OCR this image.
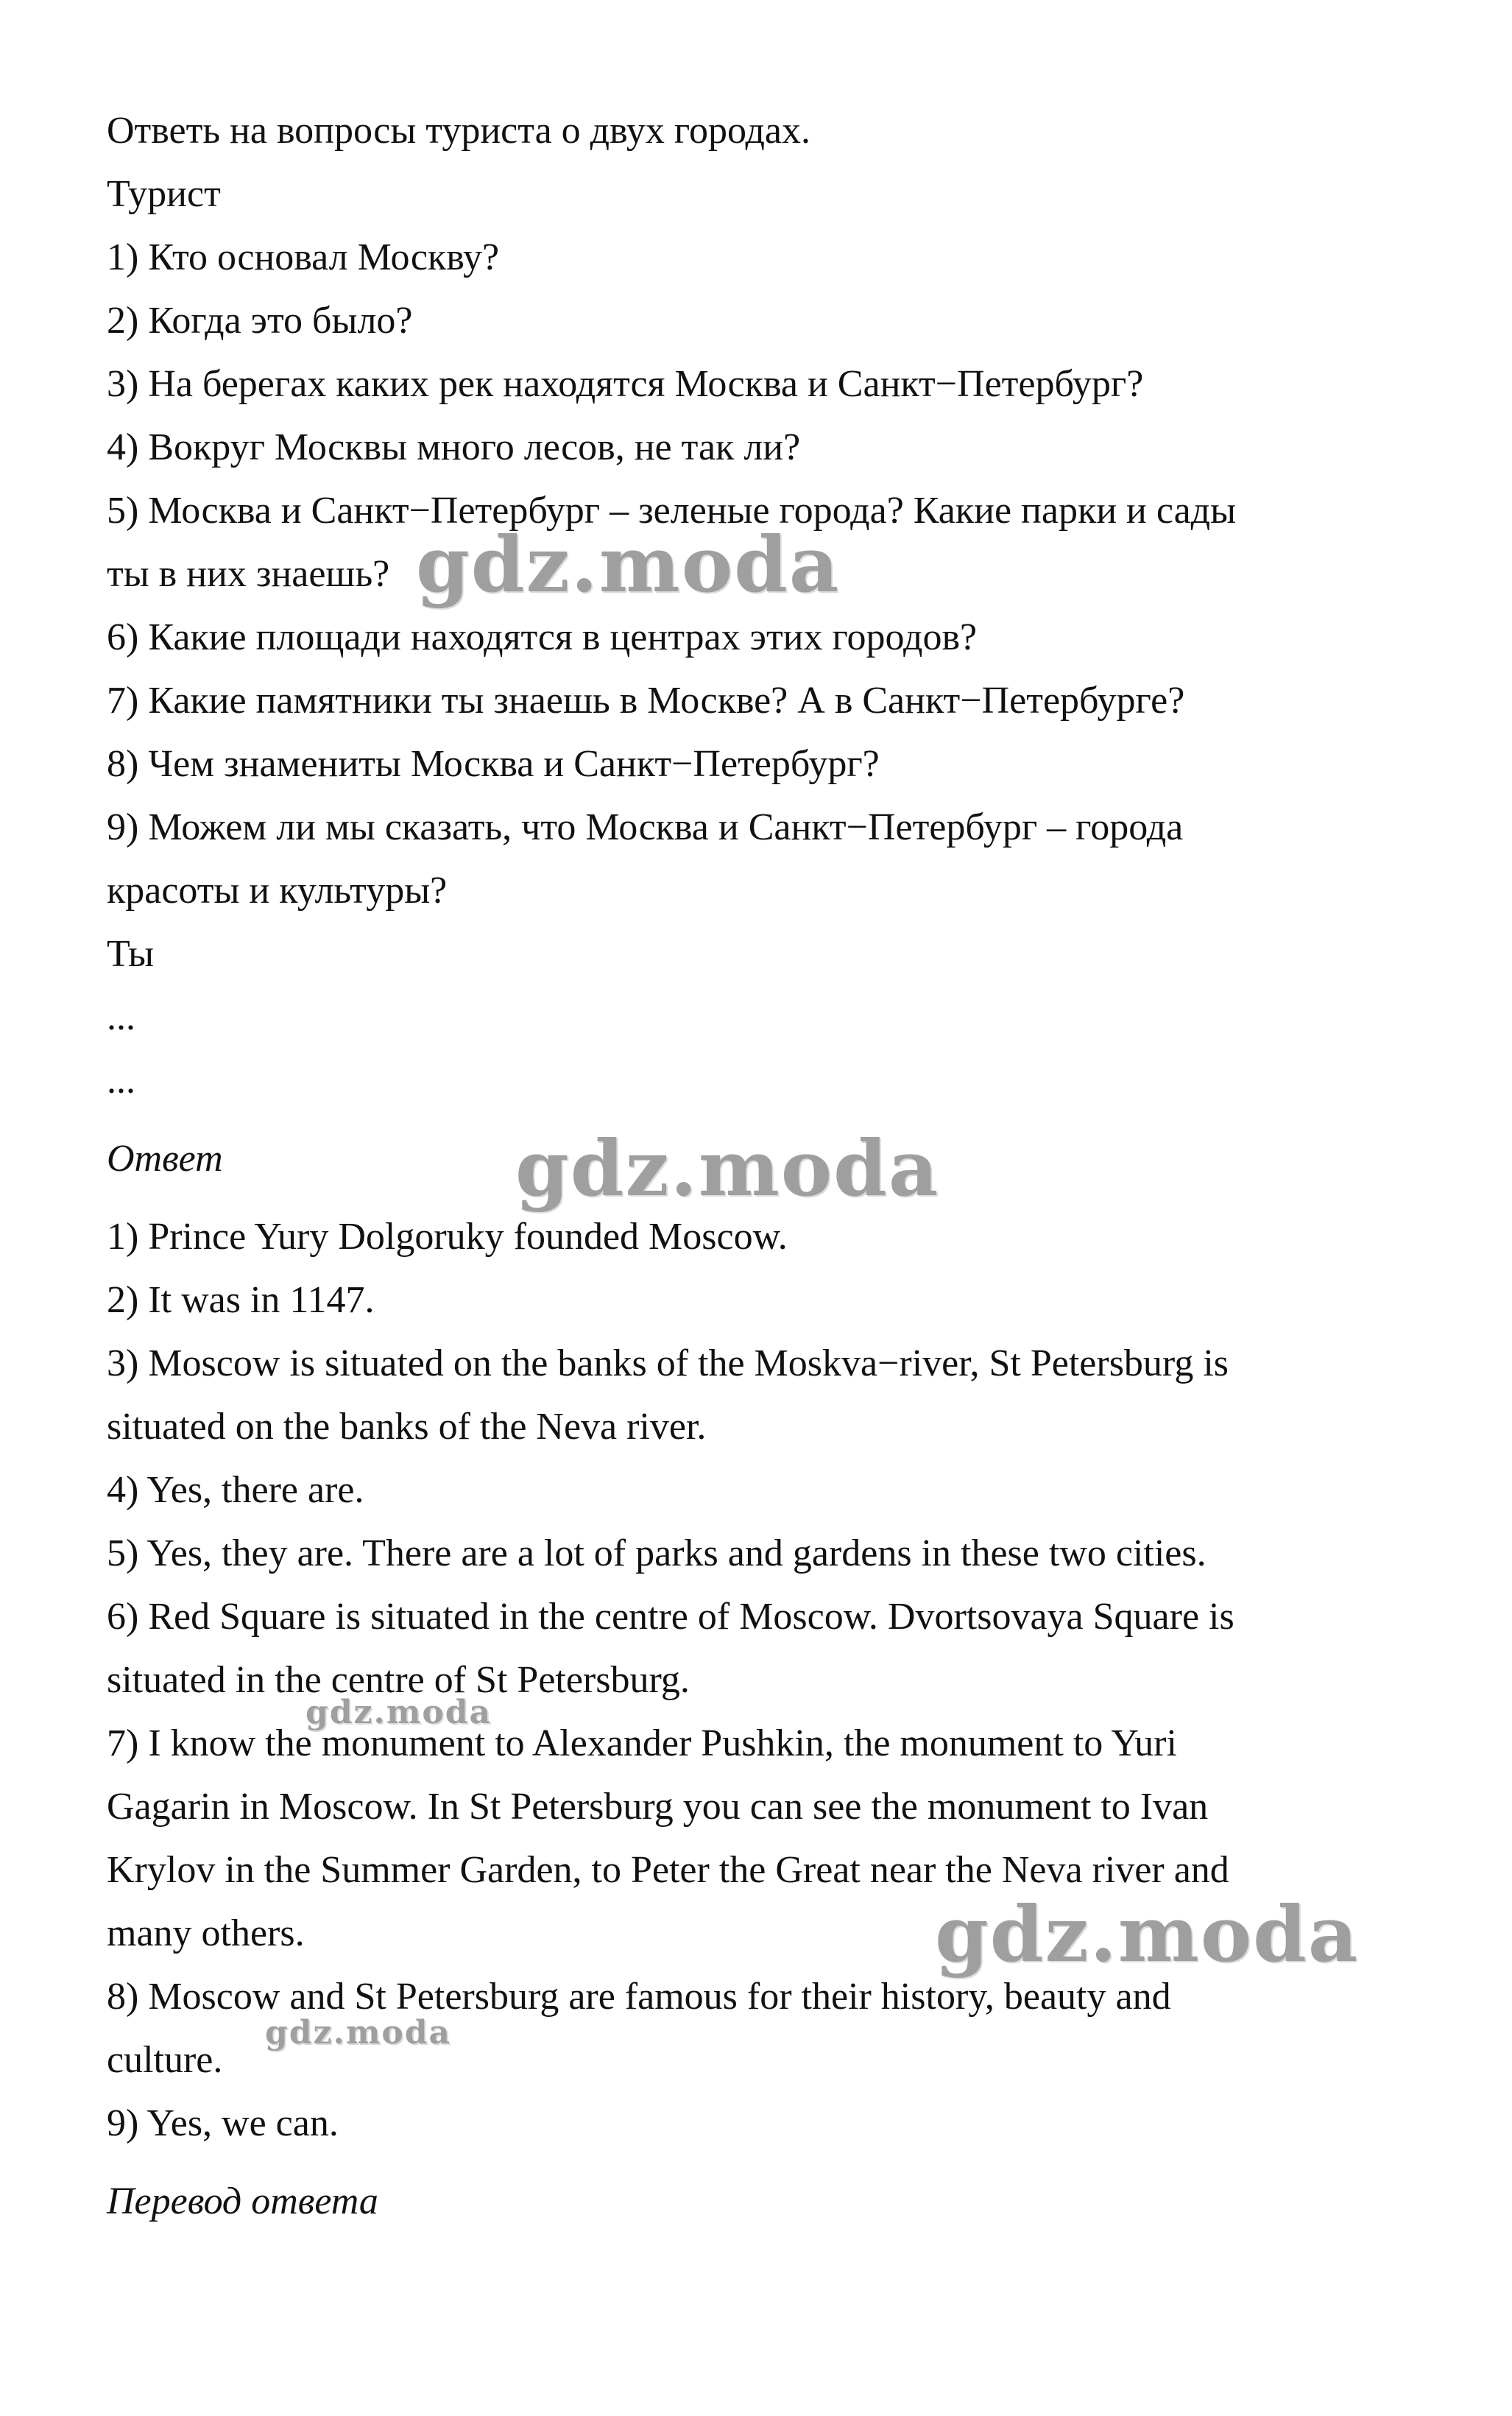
Ответь на вопросы туриста о двух городах.
Турист
1) Кто основал Москву?
2) Когда это было?
3) На берегах каких рек находятся Москва и Санкт−Петербург?
4) Вокруг Москвы много лесов, не так ли?
5) Москва и Санкт−Петербург – зеленые города? Какие парки и сады
ты в них знаешь?
6) Какие площади находятся в центрах этих городов?
7) Какие памятники ты знаешь в Москве? А в Санкт−Петербурге?
8) Чем знамениты Москва и Санкт−Петербург?
9) Можем ли мы сказать, что Москва и Санкт−Петербург – города
красоты и культуры?
Ты
...
...
Ответ
1) Prince Yury Dolgoruky founded Moscow.
2) It was in 1147.
3) Moscow is situated on the banks of the Moskva−river, St Petersburg is
situated on the banks of the Neva river.
4) Yes, there are.
5) Yes, they are. There are a lot of parks and gardens in these two cities.
6) Red Square is situated in the centre of Moscow. Dvortsovaya Square is
situated in the centre of St Petersburg.
7) I know the monument to Alexander Pushkin, the monument to Yuri
Gagarin in Moscow. In St Petersburg you can see the monument to Ivan
Krylov in the Summer Garden, to Peter the Great near the Neva river and
many others.
8) Moscow and St Petersburg are famous for their history, beauty and
culture.
9) Yes, we can.
Перевод ответа
gdz.moda
gdz.moda
gdz.moda
gdz.moda
gdz.moda
